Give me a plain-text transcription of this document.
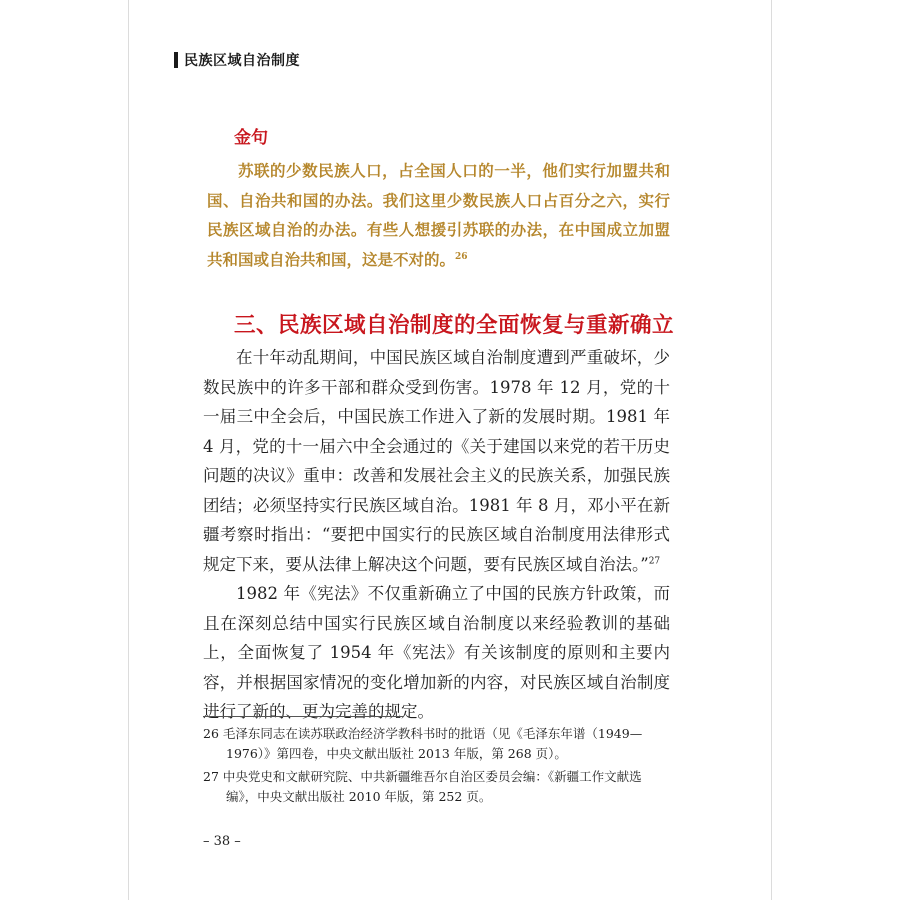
民族区域自治制度
金句

苏联的少数民族人口，占全国人口的一半，他们实行加盟共和国、自治共和国的办法。我们这里少数民族人口占百分之六，实行民族区域自治的办法。有些人想援引苏联的办法，在中国成立加盟共和国或自治共和国，这是不对的。$^{26}$

三、民族区域自治制度的全面恢复与重新确立

在十年动乱期间，中国民族区域自治制度遭到严重破坏，少数民族中的许多干部和群众受到伤害。1978 年 12 月，党的十一届三中全会后，中国民族工作进入了新的发展时期。1981 年 4 月，党的十一届六中全会通过的《关于建国以来党的若干历史问题的决议》重申：改善和发展社会主义的民族关系，加强民族团结；必须坚持实行民族区域自治。1981 年 8 月，邓小平在新疆考察时指出：“要把中国实行的民族区域自治制度用法律形式规定下来，要从法律上解决这个问题，要有民族区域自治法。”$^{27}$

1982 年《宪法》不仅重新确立了中国的民族方针政策，而且在深刻总结中国实行民族区域自治制度以来经验教训的基础上，全面恢复了 1954 年《宪法》有关该制度的原则和主要内容，并根据国家情况的变化增加新的内容，对民族区域自治制度进行了新的、更为完善的规定。

26 毛泽东同志在读苏联政治经济学教科书时的批语（见《毛泽东年谱（1949—1976）》第四卷，中央文献出版社 2013 年版，第 268 页）。

27 中央党史和文献研究院、中共新疆维吾尔自治区委员会编：《新疆工作文献选编》，中央文献出版社 2010 年版，第 252 页。

– 38 –
